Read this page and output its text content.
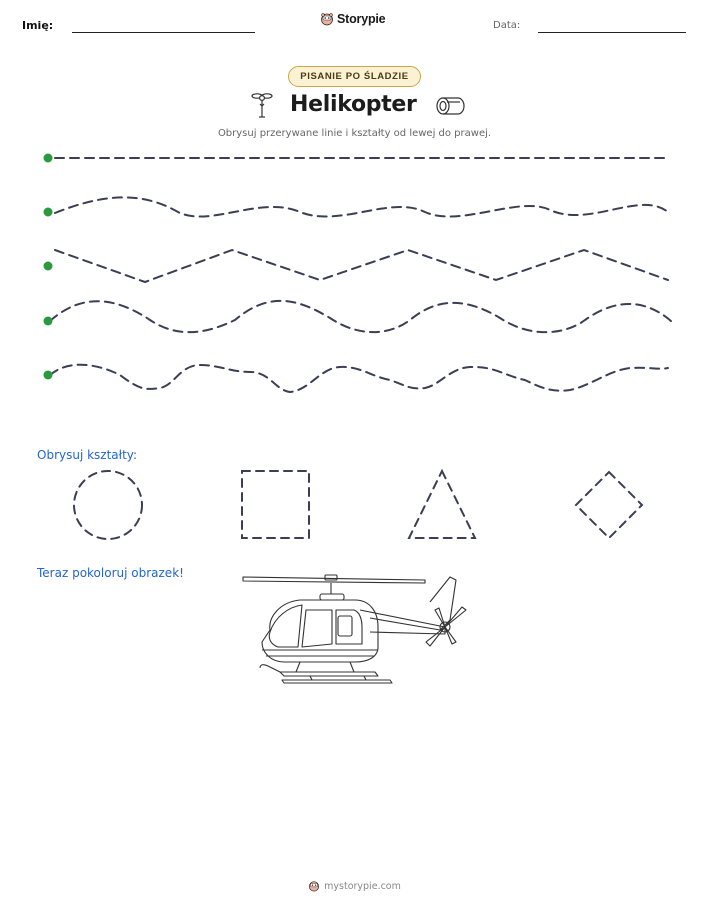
Imię:	Storypie	Data:
PISANIE PO ŚLADZIE
Helikopter
Obrysuj przerywane linie i kształty od lewej do prawej.
Obrysuj kształty:
Teraz pokoloruj obrazek!
mystorypie.com
